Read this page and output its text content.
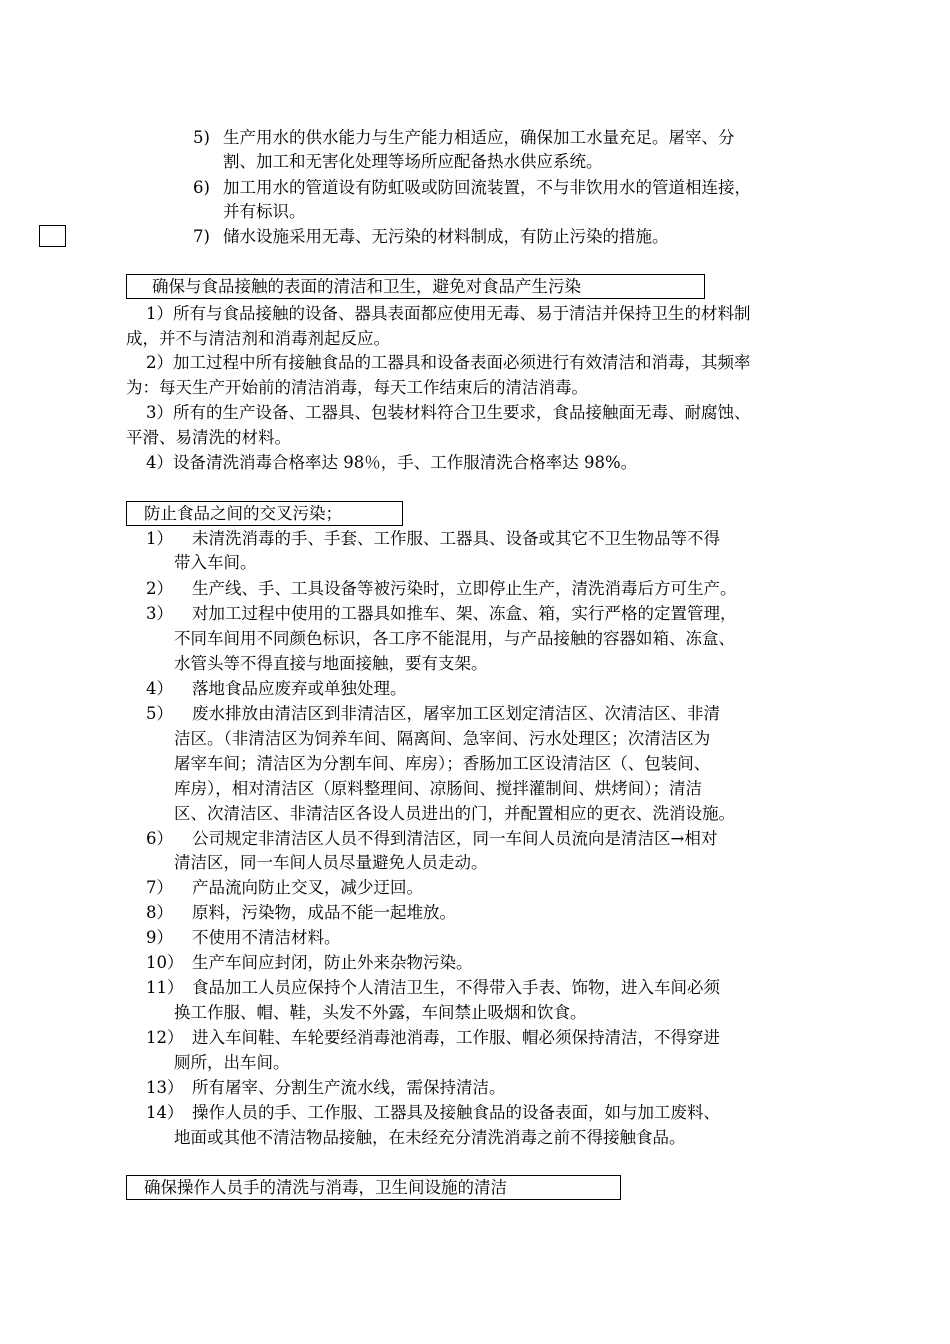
5) 生产用水的供水能力与生产能力相适应，确保加工水量充足。屠宰、分
割、加工和无害化处理等场所应配备热水供应系统。
6) 加工用水的管道设有防虹吸或防回流装置，不与非饮用水的管道相连接，
并有标识。
7) 储水设施采用无毒、无污染的材料制成，有防止污染的措施。
确保与食品接触的表面的清洁和卫生，避免对食品产生污染
1）所有与食品接触的设备、器具表面都应使用无毒、易于清洁并保持卫生的材料制
成，并不与清洁剂和消毒剂起反应。
2）加工过程中所有接触食品的工器具和设备表面必须进行有效清洁和消毒，其频率
为：每天生产开始前的清洁消毒，每天工作结束后的清洁消毒。
3）所有的生产设备、工器具、包装材料符合卫生要求，食品接触面无毒、耐腐蚀、
平滑、易清洗的材料。
4）设备清洗消毒合格率达 98％，手、工作服清洗合格率达 98%。
防止食品之间的交叉污染；
1） 未清洗消毒的手、手套、工作服、工器具、设备或其它不卫生物品等不得
带入车间。
2） 生产线、手、工具设备等被污染时，立即停止生产，清洗消毒后方可生产。
3） 对加工过程中使用的工器具如推车、架、冻盒、箱，实行严格的定置管理，
不同车间用不同颜色标识，各工序不能混用，与产品接触的容器如箱、冻盒、
水管头等不得直接与地面接触，要有支架。
4） 落地食品应废弃或单独处理。
5） 废水排放由清洁区到非清洁区，屠宰加工区划定清洁区、次清洁区、非清
洁区。（非清洁区为饲养车间、隔离间、急宰间、污水处理区；次清洁区为
屠宰车间；清洁区为分割车间、库房）；香肠加工区设清洁区（、包装间、
库房），相对清洁区（原料整理间、凉肠间、搅拌灌制间、烘烤间）；清洁
区、次清洁区、非清洁区各设人员进出的门，并配置相应的更衣、洗消设施。
6） 公司规定非清洁区人员不得到清洁区，同一车间人员流向是清洁区→相对
清洁区，同一车间人员尽量避免人员走动。
7） 产品流向防止交叉，减少迂回。
8） 原料，污染物，成品不能一起堆放。
9） 不使用不清洁材料。
10） 生产车间应封闭，防止外来杂物污染。
11） 食品加工人员应保持个人清洁卫生，不得带入手表、饰物，进入车间必须
换工作服、帽、鞋，头发不外露，车间禁止吸烟和饮食。
12） 进入车间鞋、车轮要经消毒池消毒，工作服、帽必须保持清洁，不得穿进
厕所，出车间。
13） 所有屠宰、分割生产流水线，需保持清洁。
14） 操作人员的手、工作服、工器具及接触食品的设备表面，如与加工废料、
地面或其他不清洁物品接触，在未经充分清洗消毒之前不得接触食品。
确保操作人员手的清洗与消毒，卫生间设施的清洁
